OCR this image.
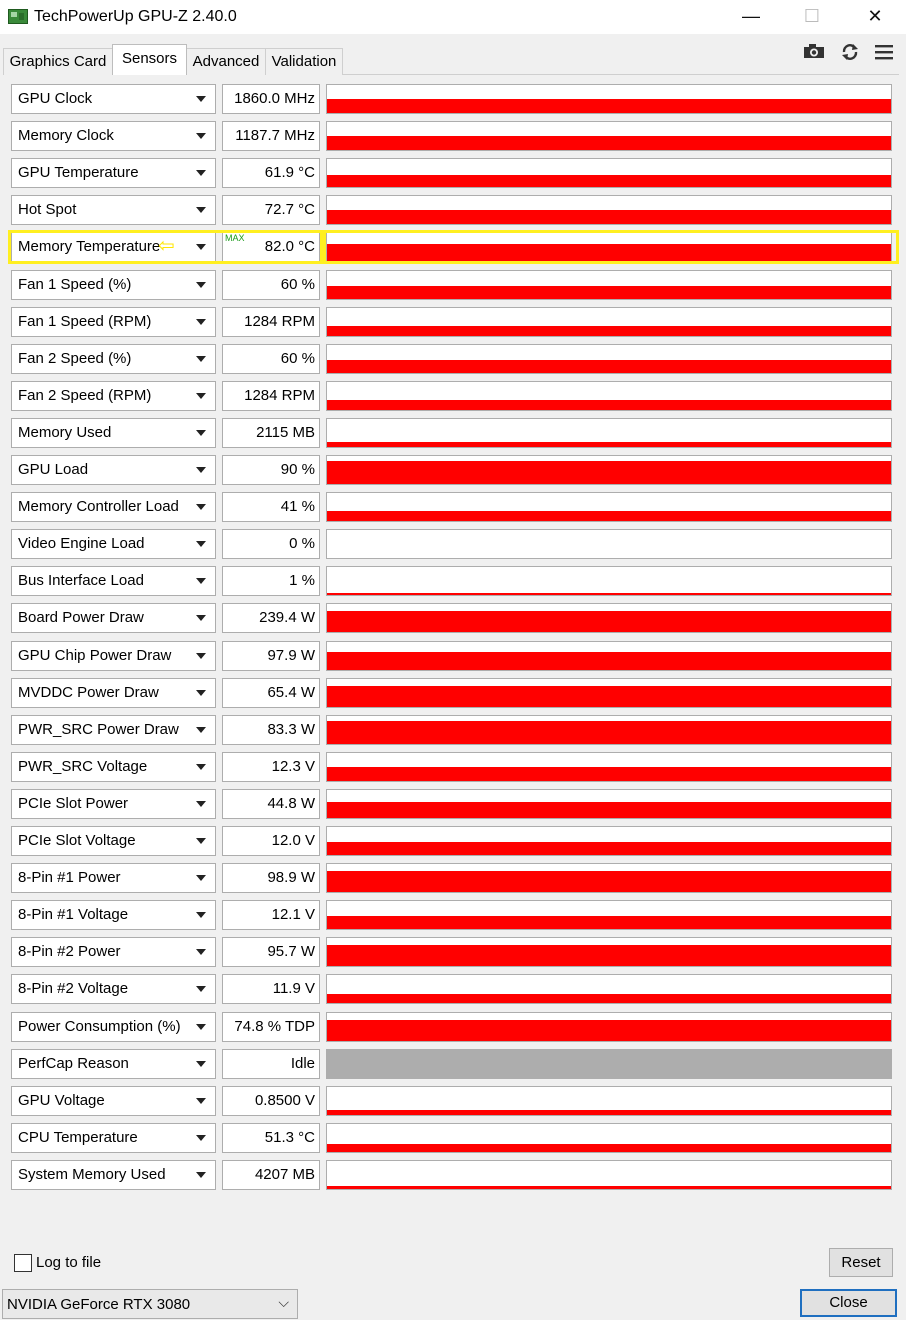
TechPowerUp GPU-Z 2.40.0	—	☐	✕
Graphics Card	Sensors	Advanced Validation
GPU Clock	1860.0 MHz
Memory Clock	1187.7 MHz
GPU Temperature	61.9 °C
Hot Spot	72.7 °C
Memory Temperature	MAX 82.0 °C
Fan 1 Speed (%)	60 %
Fan 1 Speed (RPM)	1284 RPM
Fan 2 Speed (%)	60 %
Fan 2 Speed (RPM)	1284 RPM
Memory Used	2115 MB
GPU Load	90 %
Memory Controller Load	41 %
Video Engine Load	0 %
Bus Interface Load	1 %
Board Power Draw	239.4 W
GPU Chip Power Draw	97.9 W
MVDDC Power Draw	65.4 W
PWR_SRC Power Draw	83.3 W
PWR_SRC Voltage	12.3 V
PCIe Slot Power	44.8 W
PCIe Slot Voltage	12.0 V
8-Pin #1 Power	98.9 W
8-Pin #1 Voltage	12.1 V
8-Pin #2 Power	95.7 W
8-Pin #2 Voltage	11.9 V
Power Consumption (%)	74.8 % TDP
PerfCap Reason	Idle
GPU Voltage	0.8500 V
CPU Temperature	51.3 °C
System Memory Used	4207 MB
⇦
Log to file	Reset
NVIDIA GeForce RTX 3080	⌵	Close
